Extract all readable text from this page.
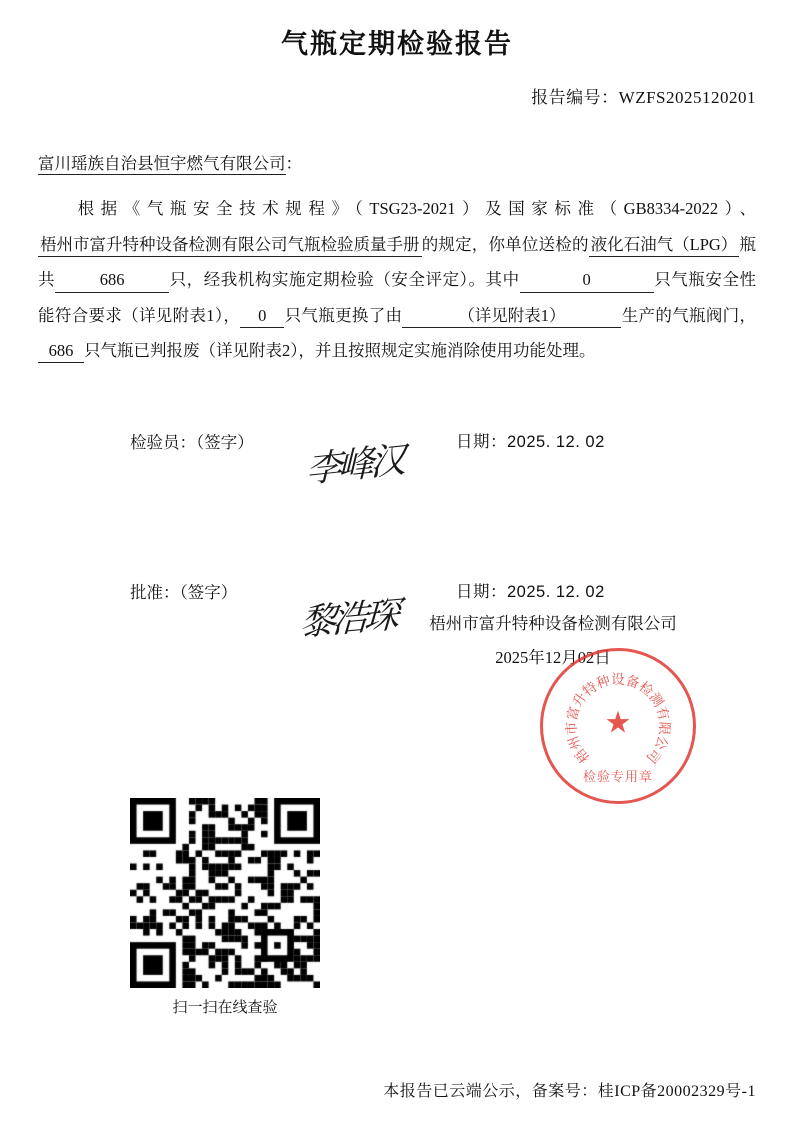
气瓶定期检验报告
报告编号：WZFS2025120201
富川瑶族自治县恒宇燃气有限公司：
根据《气瓶安全技术规程》（TSG23-2021）及国家标准（GB8334-2022）、梧州市富升特种设备检测有限公司气瓶检验质量手册 的规定，你单位送检的 液化石油气（LPG） 瓶共	686	只，经我机构实施定期检验（安全评定）。其中	0	只气瓶安全性能符合要求（详见附表1）， 0 只气瓶更换了由	（详见附表1）	生产的气瓶阀门，686 只气瓶已判报废（详见附表2），并且按照规定实施消除使用功能处理。
检验员：（签字） 李峰汉	日期：2025. 12. 02
批准：（签字）
黎浩琛
日期：2025. 12. 02
梧州市富升特种设备检测有限公司
2025年12月02日
梧
州
市
富
升
特
种 设 备
检
测
有
限
公
司
★
检验专用章
扫一扫在线查验
本报告已云端公示，备案号：桂ICP备20002329号-1
